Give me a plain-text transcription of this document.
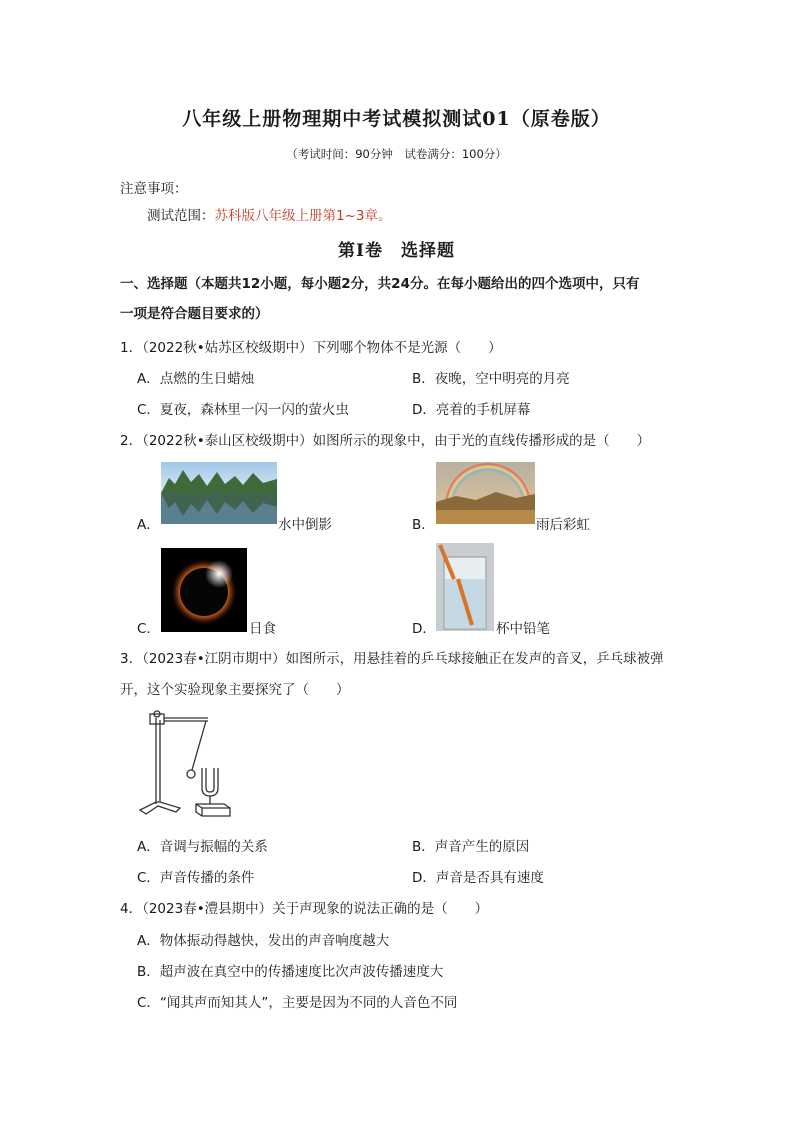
八年级上册物理期中考试模拟测试01（原卷版）
（考试时间：90分钟　试卷满分：100分）
注意事项：
测试范围：苏科版八年级上册第1~3章。
第Ⅰ卷　选择题
一、选择题（本题共12小题，每小题2分，共24分。在每小题给出的四个选项中，只有
一项是符合题目要求的）
1．（2022秋•姑苏区校级期中）下列哪个物体不是光源（　　）
A．点燃的生日蜡烛	B．夜晚，空中明亮的月亮
C．夏夜，森林里一闪一闪的萤火虫	D．亮着的手机屏幕
2．（2022秋•泰山区校级期中）如图所示的现象中，由于光的直线传播形成的是（　　）
A．	水中倒影	B．	雨后彩虹
C．	日食	D．	杯中铅笔
3．（2023春•江阴市期中）如图所示，用悬挂着的乒乓球接触正在发声的音叉，乒乓球被弹
开，这个实验现象主要探究了（　　）
A．音调与振幅的关系	B．声音产生的原因
C．声音传播的条件	D．声音是否具有速度
4．（2023春•澧县期中）关于声现象的说法正确的是（　　）
A．物体振动得越快，发出的声音响度越大
B．超声波在真空中的传播速度比次声波传播速度大
C．“闻其声而知其人”，主要是因为不同的人音色不同
